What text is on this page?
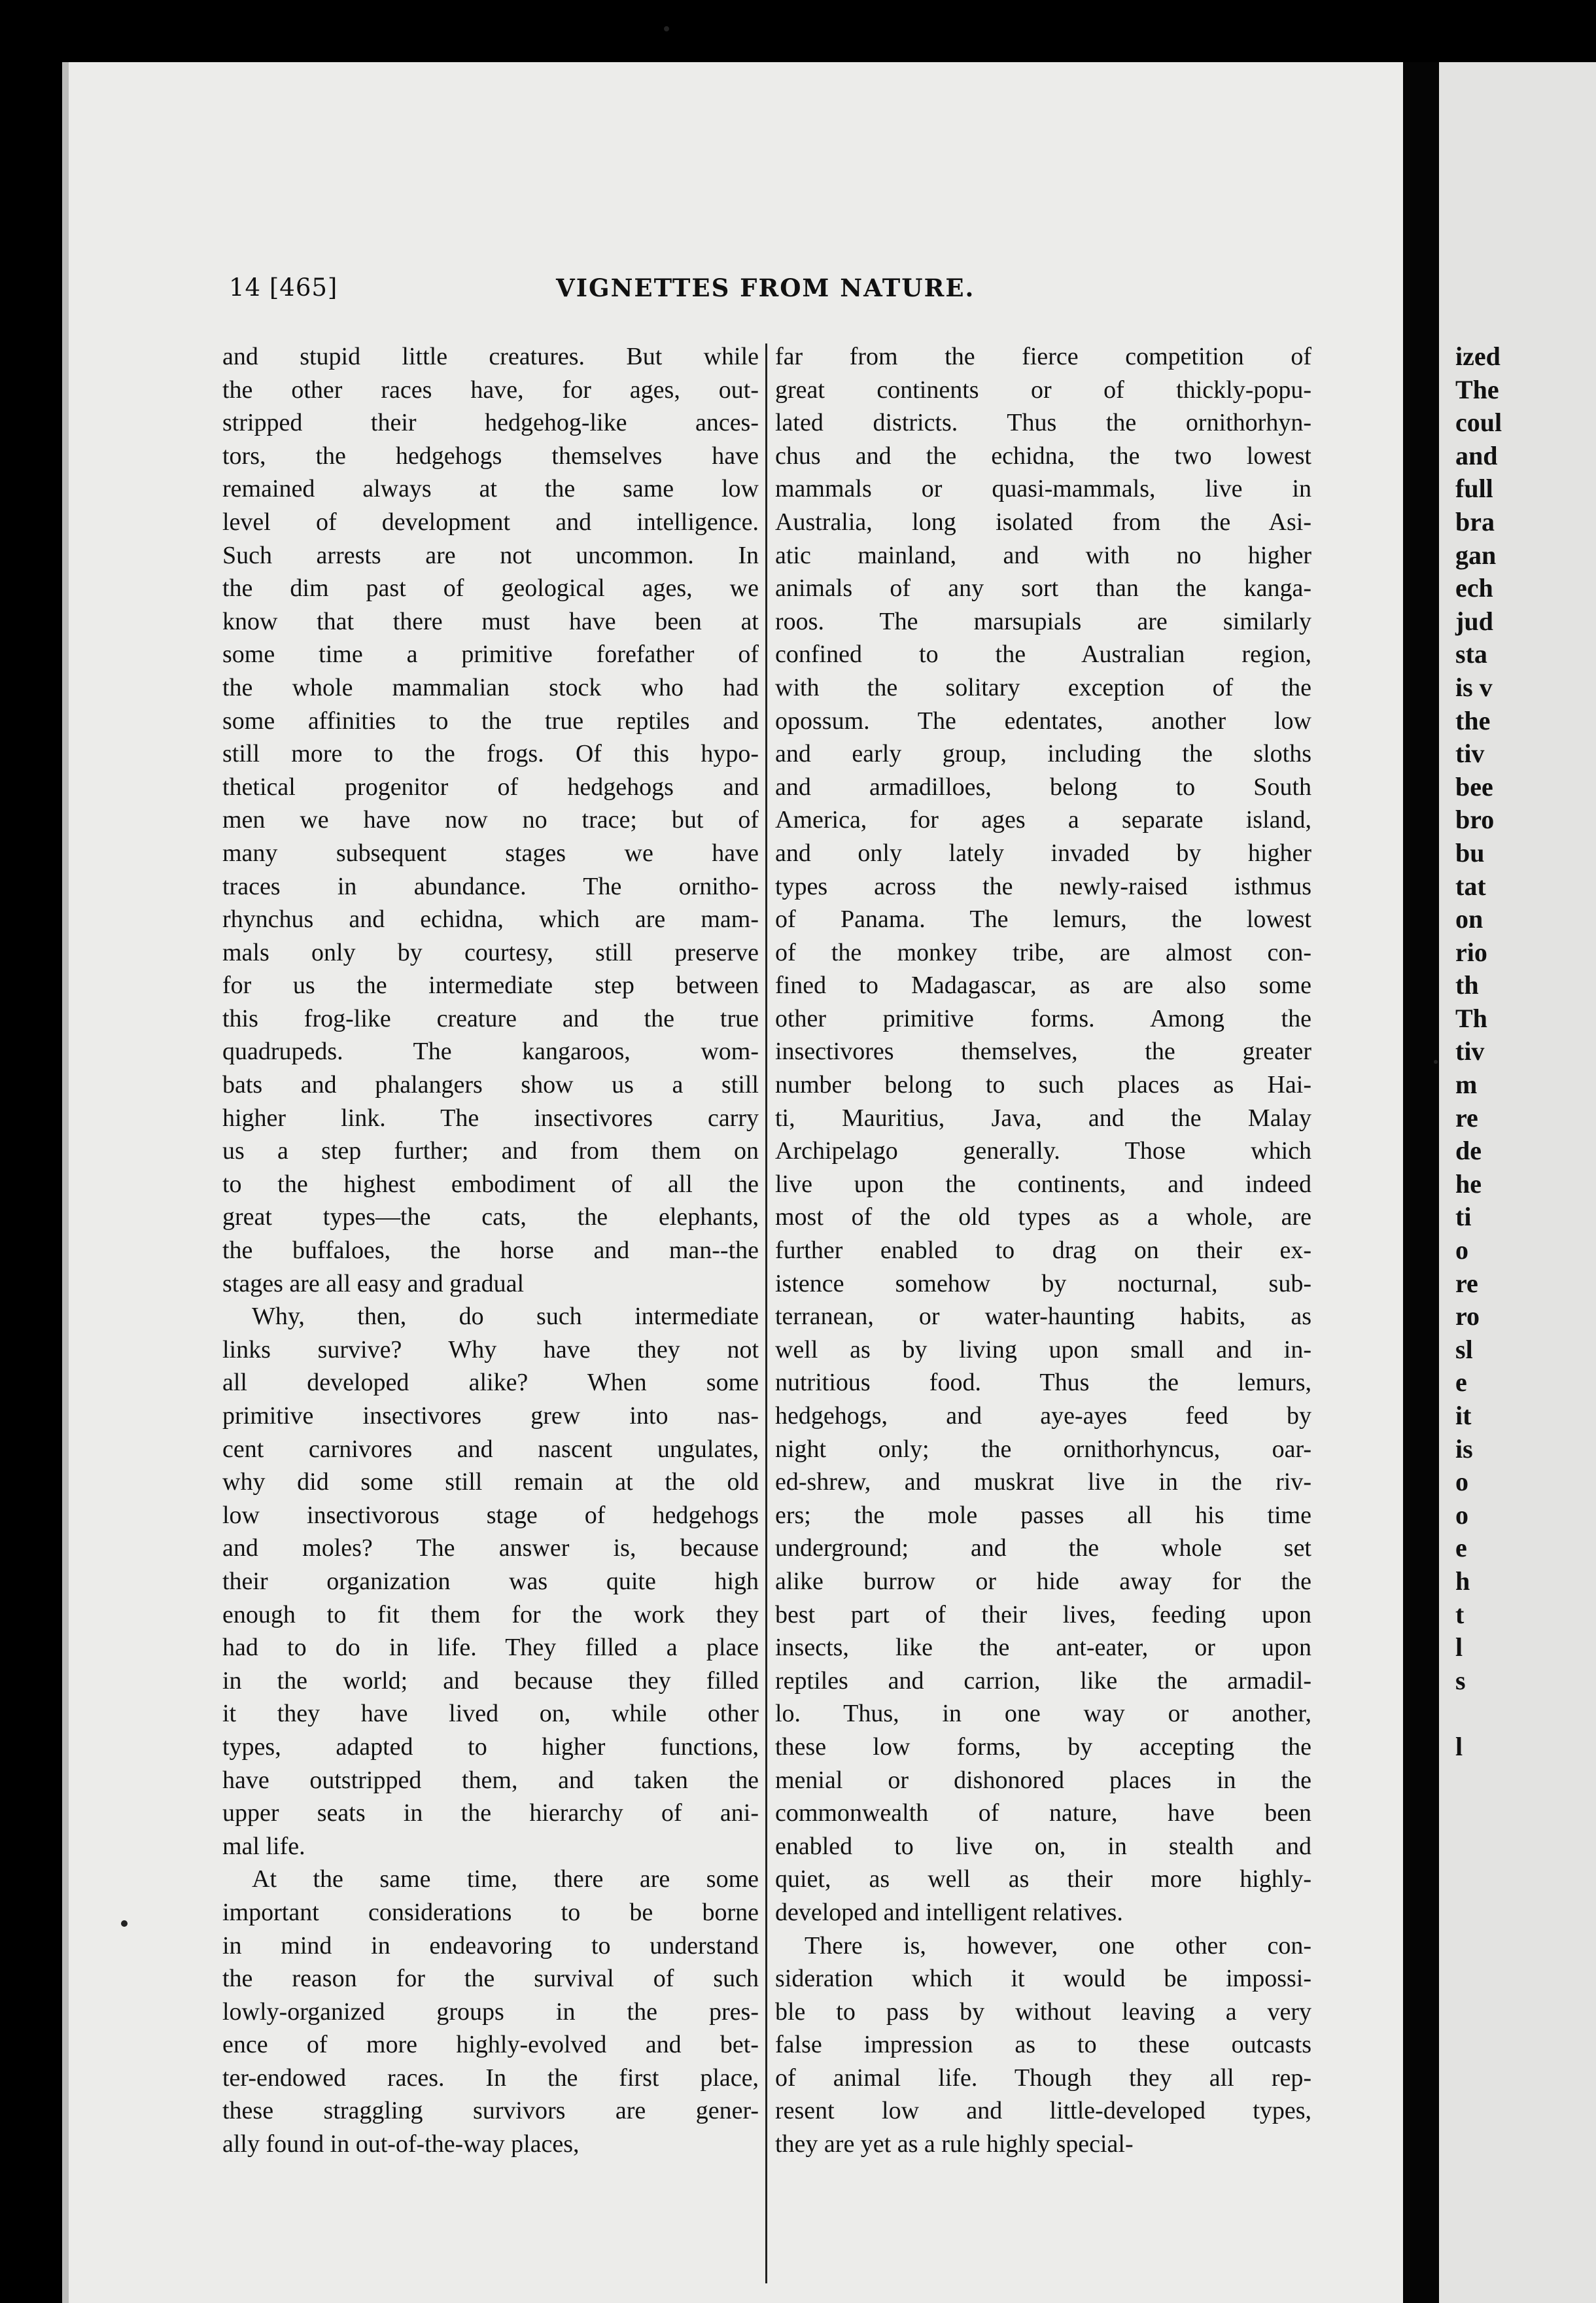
14 [465]	VIGNETTES FROM NATURE.
and stupid little creatures. But while
the other races have, for ages, out-
stripped their hedgehog-like ances-
tors, the hedgehogs themselves have
remained always at the same low
level of development and intelligence.
Such arrests are not uncommon. In
the dim past of geological ages, we
know that there must have been at
some time a primitive forefather of
the whole mammalian stock who had
some affinities to the true reptiles and
still more to the frogs. Of this hypo-
thetical progenitor of hedgehogs and
men we have now no trace; but of
many subsequent stages we have
traces in abundance. The ornitho-
rhynchus and echidna, which are mam-
mals only by courtesy, still preserve
for us the intermediate step between
this frog-like creature and the true
quadrupeds. The kangaroos, wom-
bats and phalangers show us a still
higher link. The insectivores carry
us a step further; and from them on
to the highest embodiment of all the
great types—the cats, the elephants,
the buffaloes, the horse and man--the
stages are all easy and gradual
Why, then, do such intermediate
links survive? Why have they not
all developed alike? When some
primitive insectivores grew into nas-
cent carnivores and nascent ungulates,
why did some still remain at the old
low insectivorous stage of hedgehogs
and moles? The answer is, because
their organization was quite high
enough to fit them for the work they
had to do in life. They filled a place
in the world; and because they filled
it they have lived on, while other
types, adapted to higher functions,
have outstripped them, and taken the
upper seats in the hierarchy of ani-
mal life.
At the same time, there are some
important considerations to be borne
in mind in endeavoring to understand
the reason for the survival of such
lowly-organized groups in the pres-
ence of more highly-evolved and bet-
ter-endowed races. In the first place,
these straggling survivors are gener-
ally found in out-of-the-way places,
far from the fierce competition of
great continents or of thickly-popu-
lated districts. Thus the ornithorhyn-
chus and the echidna, the two lowest
mammals or quasi-mammals, live in
Australia, long isolated from the Asi-
atic mainland, and with no higher
animals of any sort than the kanga-
roos. The marsupials are similarly
confined to the Australian region,
with the solitary exception of the
opossum. The edentates, another low
and early group, including the sloths
and armadilloes, belong to South
America, for ages a separate island,
and only lately invaded by higher
types across the newly-raised isthmus
of Panama. The lemurs, the lowest
of the monkey tribe, are almost con-
fined to Madagascar, as are also some
other primitive forms. Among the
insectivores themselves, the greater
number belong to such places as Hai-
ti, Mauritius, Java, and the Malay
Archipelago generally. Those which
live upon the continents, and indeed
most of the old types as a whole, are
further enabled to drag on their ex-
istence somehow by nocturnal, sub-
terranean, or water-haunting habits, as
well as by living upon small and in-
nutritious food. Thus the lemurs,
hedgehogs, and aye-ayes feed by
night only; the ornithorhyncus, oar-
ed-shrew, and muskrat live in the riv-
ers; the mole passes all his time
underground; and the whole set
alike burrow or hide away for the
best part of their lives, feeding upon
insects, like the ant-eater, or upon
reptiles and carrion, like the armadil-
lo. Thus, in one way or another,
these low forms, by accepting the
menial or dishonored places in the
commonwealth of nature, have been
enabled to live on, in stealth and
quiet, as well as their more highly-
developed and intelligent relatives.
There is, however, one other con-
sideration which it would be impossi-
ble to pass by without leaving a very
false impression as to these outcasts
of animal life. Though they all rep-
resent low and little-developed types,
they are yet as a rule highly special-
ized
The
coul
and
full
bra
gan
ech
jud
sta
is v
the
tiv
bee
bro
bu
tat
on
rio
th
Th
tiv
m
re
de
he
ti
o
re
ro
sl
e
it
is
o
o
e
h
t
l
s
l
